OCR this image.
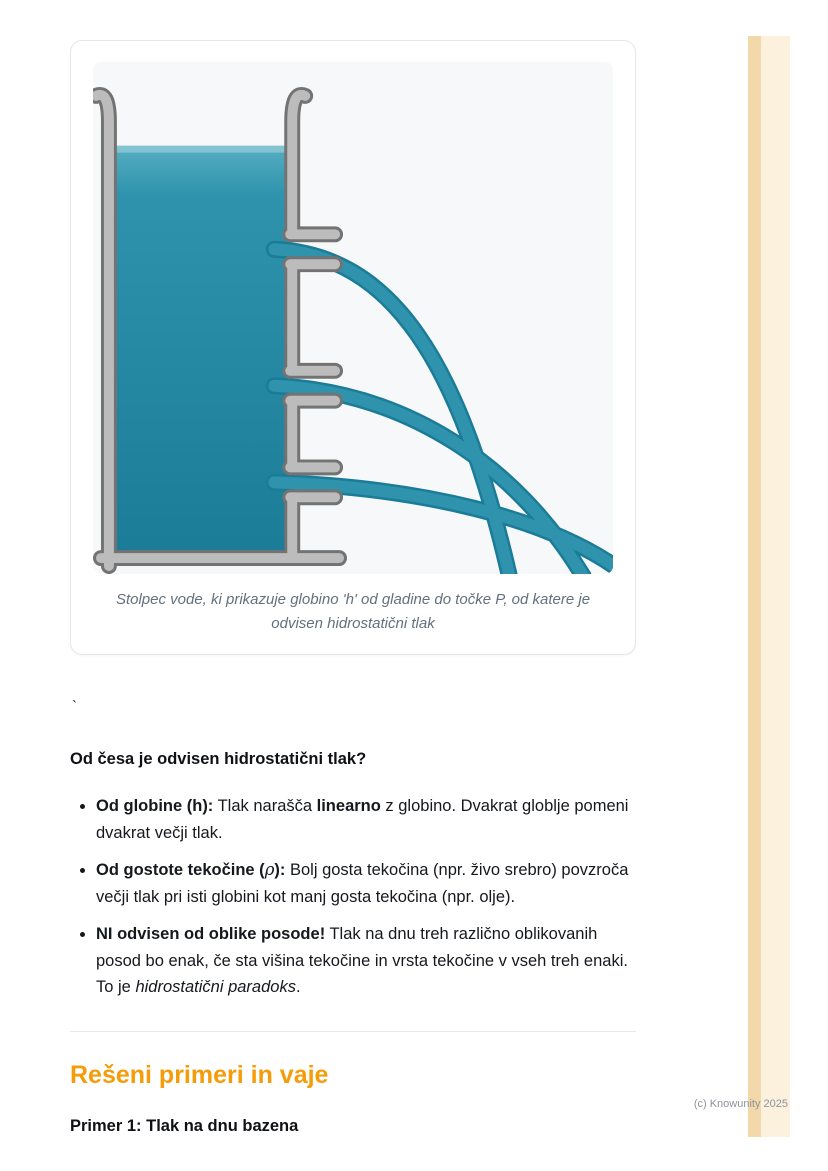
Stolpec vode, ki prikazuje globino 'h' od gladine do točke P, od katere je odvisen hidrostatični tlak

`

Od česa je odvisen hidrostatični tlak?
• Od globine (h): Tlak narašča linearno z globino. Dvakrat globlje pomeni dvakrat večji tlak.
• Od gostote tekočine (ρ): Bolj gosta tekočina (npr. živo srebro) povzroča večji tlak pri isti globini kot manj gosta tekočina (npr. olje).
• NI odvisen od oblike posode! Tlak na dnu treh različno oblikovanih posod bo enak, če sta višina tekočine in vrsta tekočine v vseh treh enaki. To je hidrostatični paradoks.
Rešeni primeri in vaje

Primer 1: Tlak na dnu bazena

(c) Knowunity 2025
